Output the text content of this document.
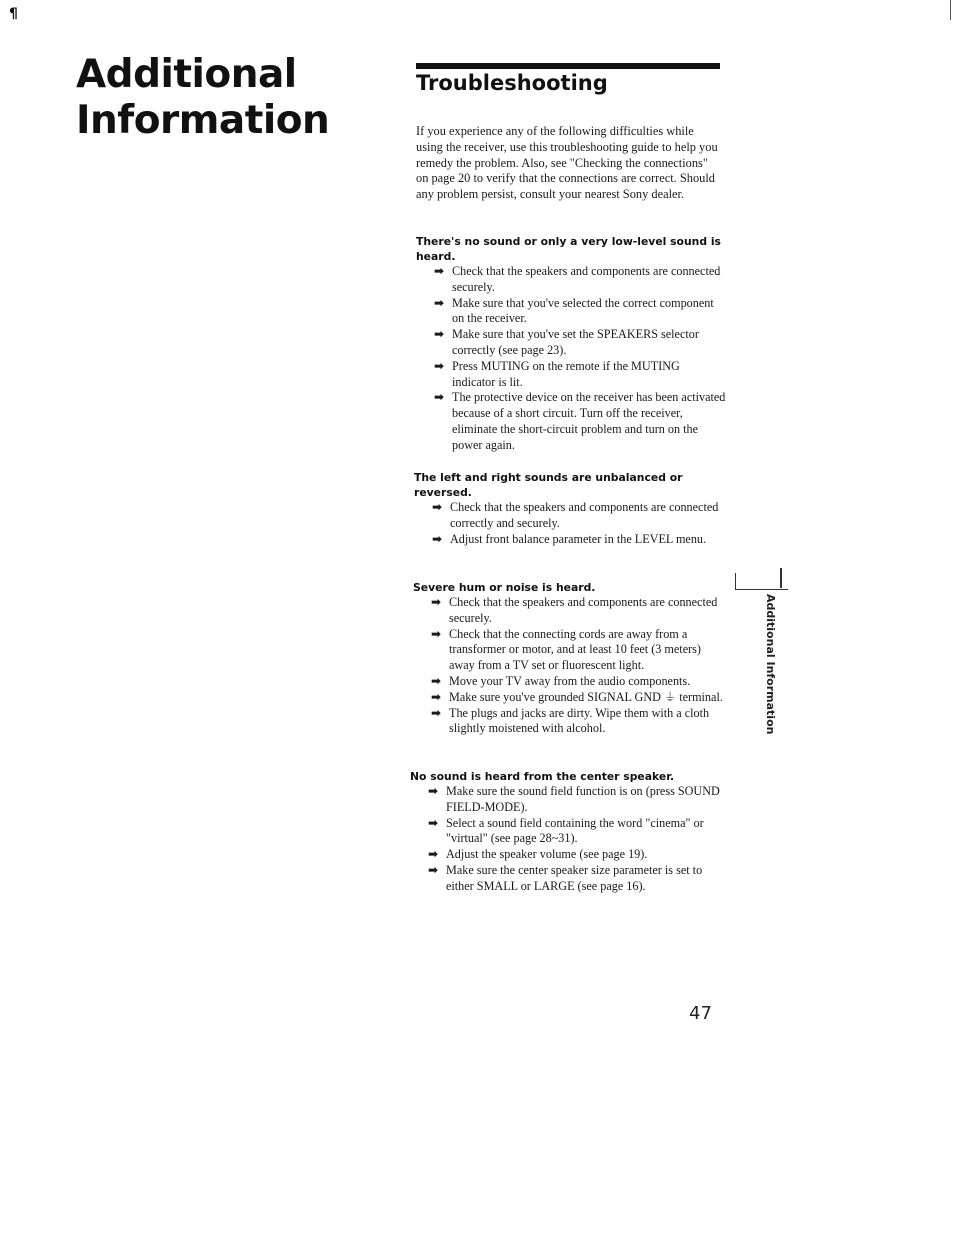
¶
Additional Information
Troubleshooting

If you experience any of the following difficulties while using the receiver, use this troubleshooting guide to help you remedy the problem. Also, see "Checking the connections" on page 20 to verify that the connections are correct. Should any problem persist, consult your nearest Sony dealer.

There's no sound or only a very low-level sound is heard.
➡ Check that the speakers and components are connected securely.
➡ Make sure that you've selected the correct component on the receiver.
➡ Make sure that you've set the SPEAKERS selector correctly (see page 23).
➡ Press MUTING on the remote if the MUTING indicator is lit.
➡ The protective device on the receiver has been activated because of a short circuit. Turn off the receiver, eliminate the short-circuit problem and turn on the power again.
The left and right sounds are unbalanced or reversed.
➡ Check that the speakers and components are connected correctly and securely.
➡ Adjust front balance parameter in the LEVEL menu.
Severe hum or noise is heard.
➡ Check that the speakers and components are connected securely.
➡ Check that the connecting cords are away from a transformer or motor, and at least 10 feet (3 meters) away from a TV set or fluorescent light.
➡ Move your TV away from the audio components.
➡ Make sure you've grounded SIGNAL GND ⏚ terminal.
➡ The plugs and jacks are dirty. Wipe them with a cloth slightly moistened with alcohol.
No sound is heard from the center speaker.
➡ Make sure the sound field function is on (press SOUND FIELD-MODE).
➡ Select a sound field containing the word "cinema" or "virtual" (see page 28~31).
➡ Adjust the speaker volume (see page 19).
➡ Make sure the center speaker size parameter is set to either SMALL or LARGE (see page 16).
Additional Information
47
